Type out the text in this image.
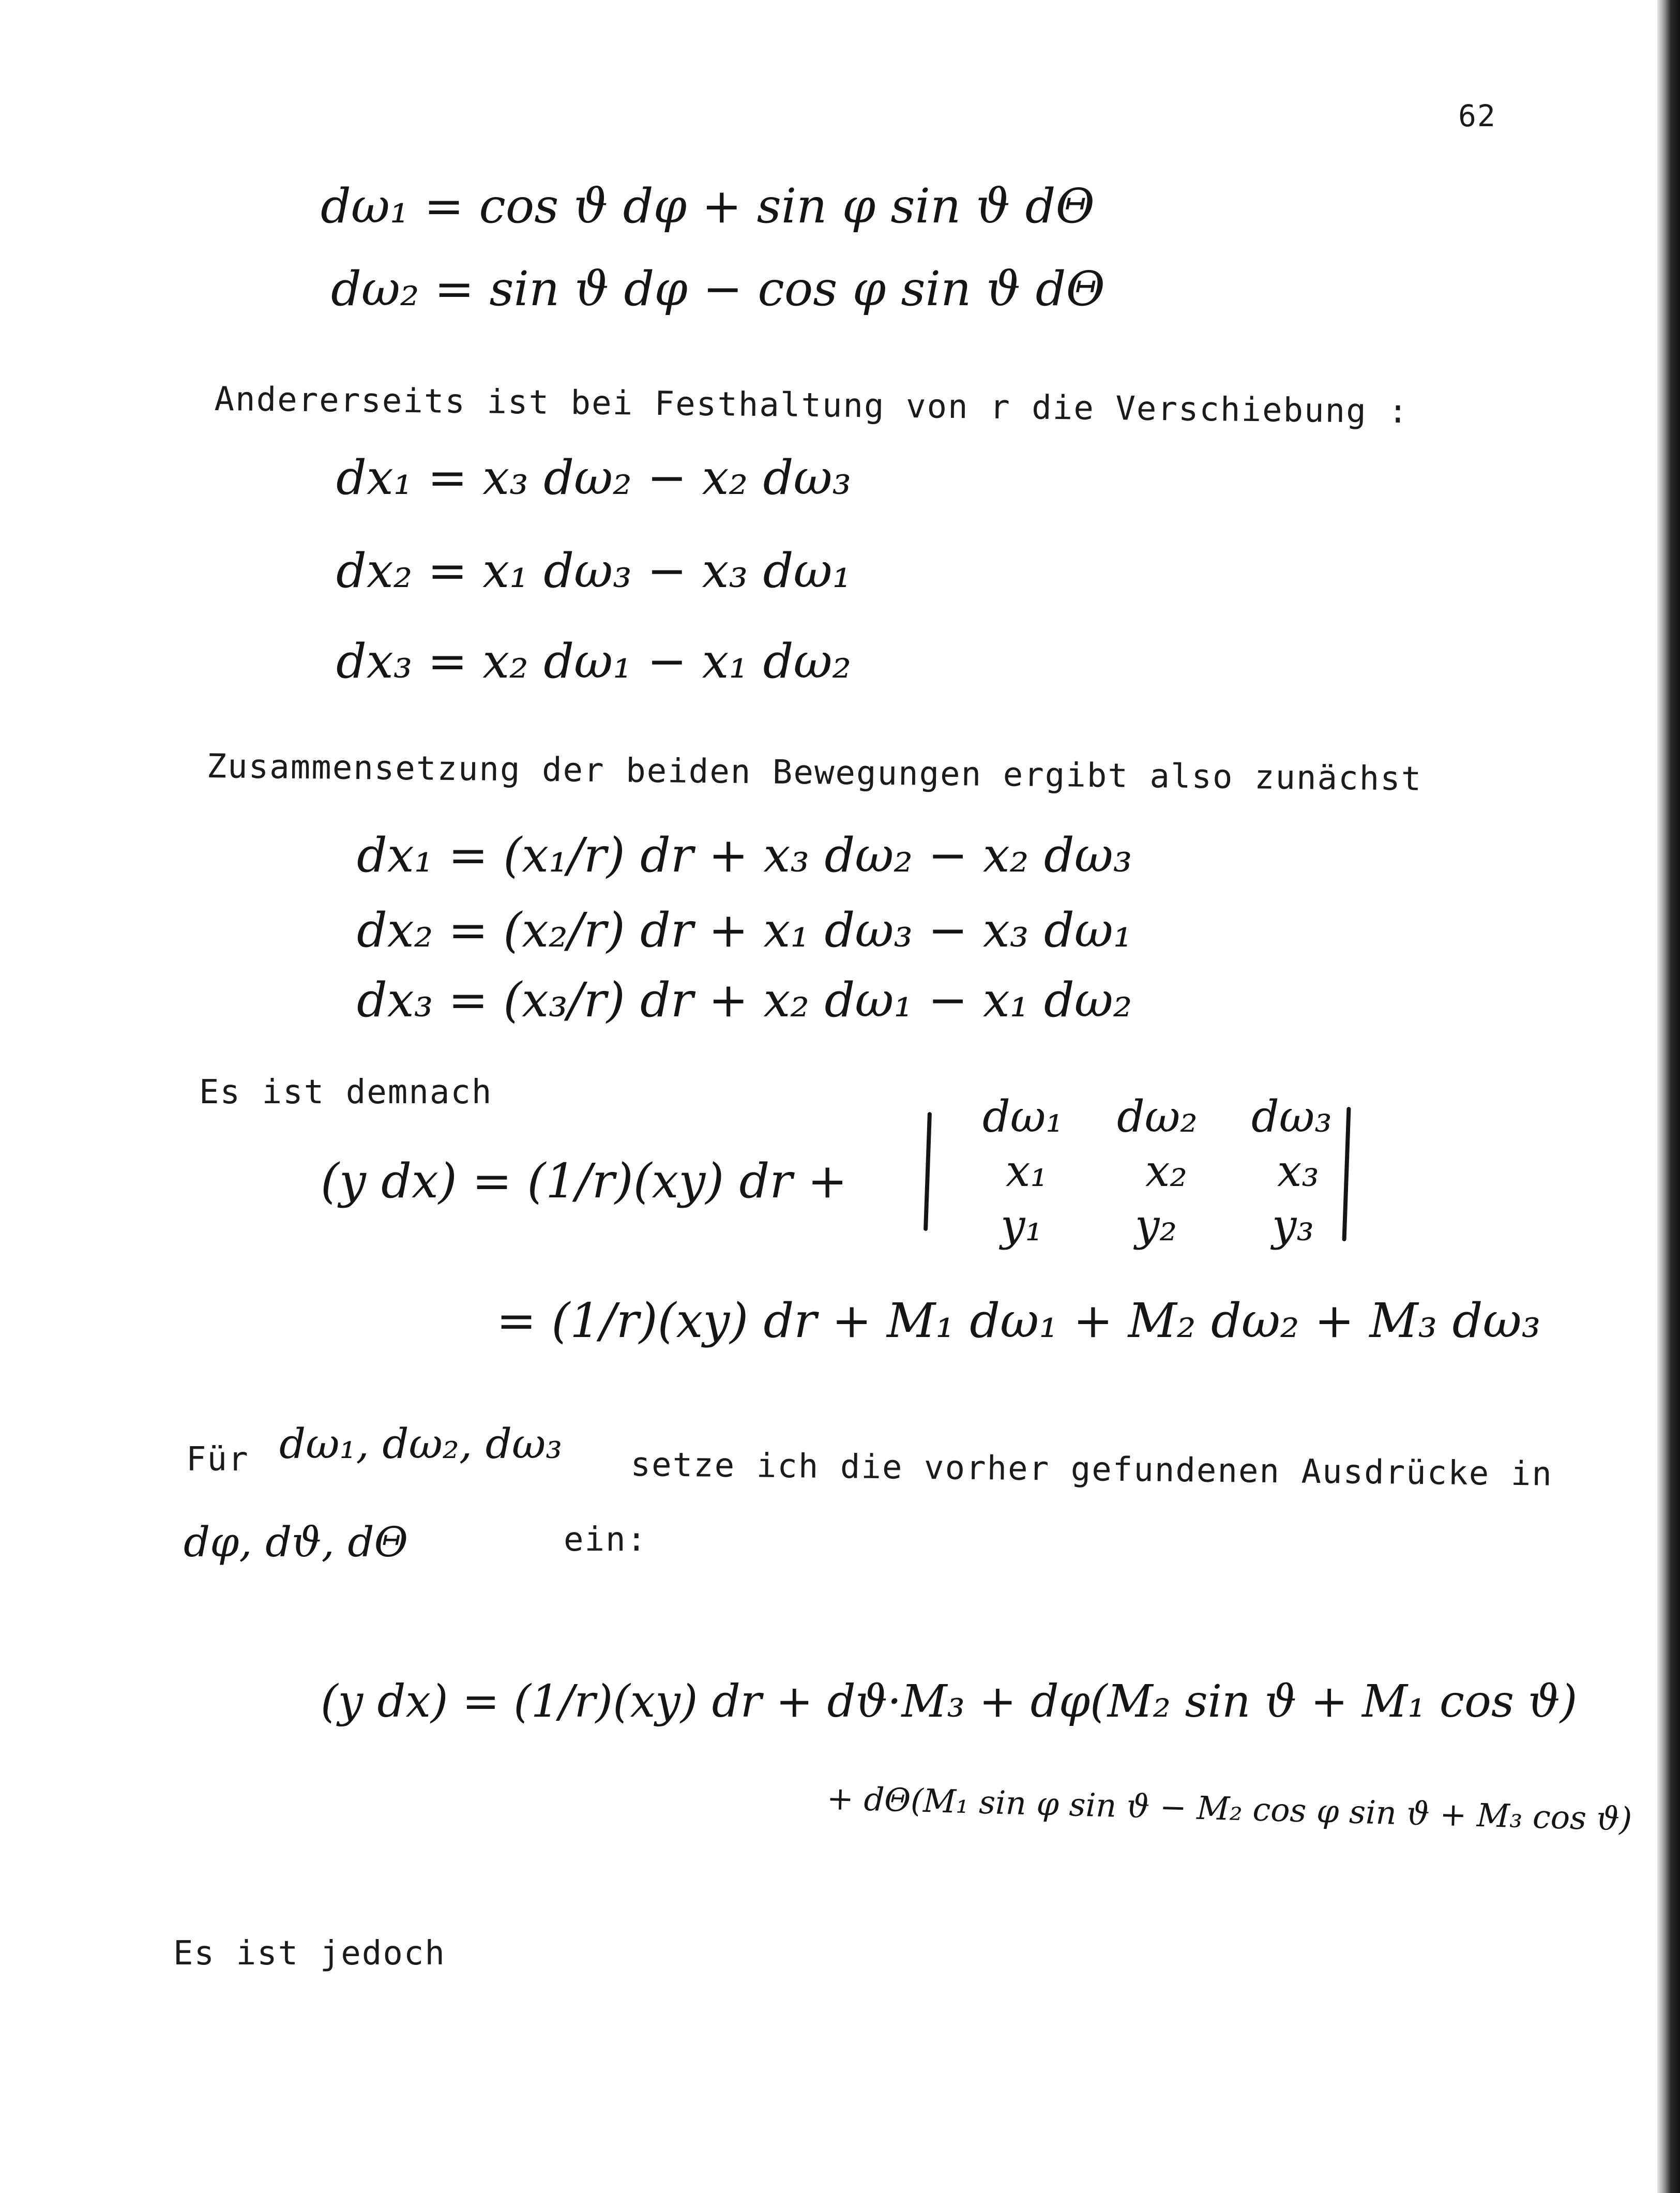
62
dω₁ = cos ϑ dφ + sin φ sin ϑ dΘ
dω₂ = sin ϑ dφ − cos φ sin ϑ dΘ
Andererseits ist bei Festhaltung von r die Verschiebung :
dx₁ = x₃ dω₂ − x₂ dω₃
dx₂ = x₁ dω₃ − x₃ dω₁
dx₃ = x₂ dω₁ − x₁ dω₂
Zusammensetzung der beiden Bewegungen ergibt also zunächst
dx₁ = (x₁/r) dr + x₃ dω₂ − x₂ dω₃
dx₂ = (x₂/r) dr + x₁ dω₃ − x₃ dω₁
dx₃ = (x₃/r) dr + x₂ dω₁ − x₁ dω₂
Es ist demnach
(y dx) = (1/r)(xy) dr +
dω₁ dω₂ dω₃
x₁ x₂ x₃
y₁ y₂ y₃
= (1/r)(xy) dr + M₁ dω₁ + M₂ dω₂ + M₃ dω₃
Für dω₁, dω₂, dω₃
setze ich die vorher gefundenen Ausdrücke in
dφ, dϑ, dΘ	ein:
(y dx) = (1/r)(xy) dr + dϑ·M₃ + dφ(M₂ sin ϑ + M₁ cos ϑ)
+ dΘ(M₁ sin φ sin ϑ − M₂ cos φ sin ϑ + M₃ cos ϑ)
Es ist jedoch
